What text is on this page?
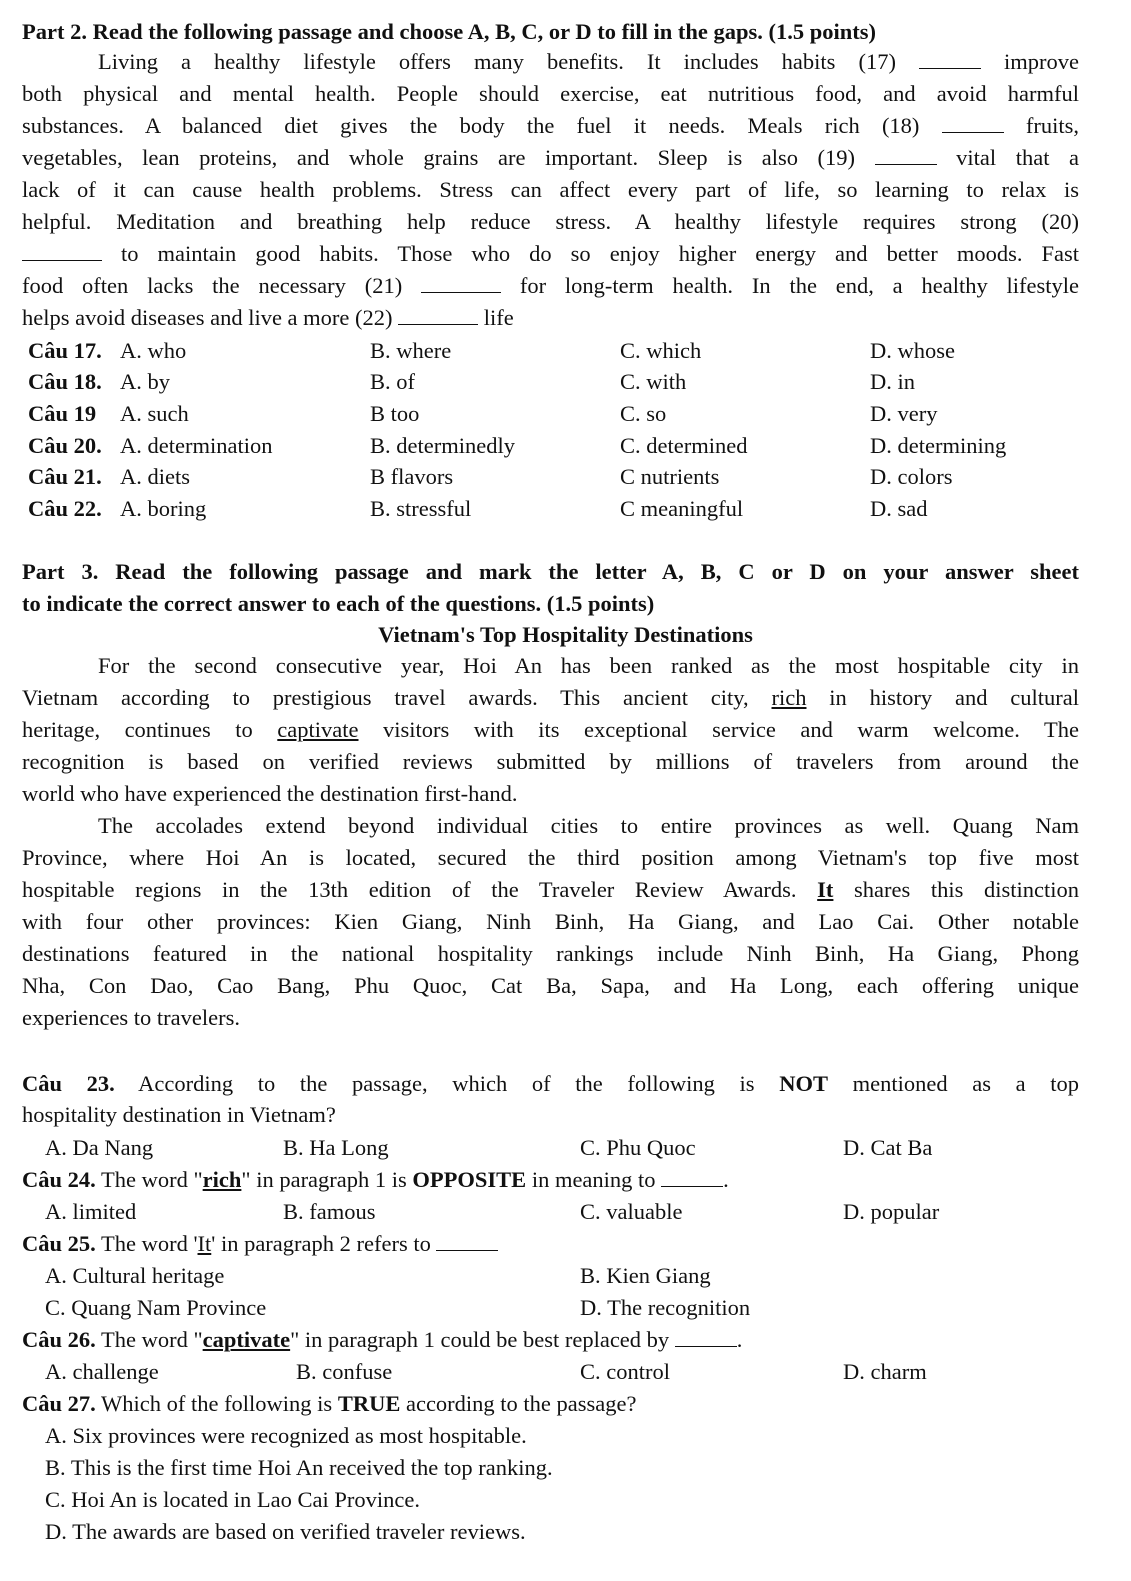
Part 2. Read the following passage and choose A, B, C, or D to fill in the gaps. (1.5 points)
Living a healthy lifestyle offers many benefits. It includes habits (17)	improve
both physical and mental health. People should exercise, eat nutritious food, and avoid harmful
substances. A balanced diet gives the body the fuel it needs. Meals rich (18)	fruits,
vegetables, lean proteins, and whole grains are important. Sleep is also (19)	vital that a
lack of it can cause health problems. Stress can affect every part of life, so learning to relax is
helpful. Meditation and breathing help reduce stress. A healthy lifestyle requires strong (20)
to maintain good habits. Those who do so enjoy higher energy and better moods. Fast
food often lacks the necessary (21)	for long-term health. In the end, a healthy lifestyle
helps avoid diseases and live a more (22)	life
Câu 17. A. who	B. where	C. which	D. whose
Câu 18. A. by	B. of	C. with	D. in
Câu 19 A. such	B too	C. so	D. very
Câu 20. A. determination	B. determinedly	C. determined	D. determining
Câu 21. A. diets	B flavors	C nutrients	D. colors
Câu 22. A. boring	B. stressful	C meaningful	D. sad
Part 3. Read the following passage and mark the letter A, B, C or D on your answer sheet
to indicate the correct answer to each of the questions. (1.5 points)
Vietnam's Top Hospitality Destinations
For the second consecutive year, Hoi An has been ranked as the most hospitable city in
Vietnam according to prestigious travel awards. This ancient city, rich in history and cultural
heritage, continues to captivate visitors with its exceptional service and warm welcome. The
recognition is based on verified reviews submitted by millions of travelers from around the
world who have experienced the destination first-hand.
The accolades extend beyond individual cities to entire provinces as well. Quang Nam
Province, where Hoi An is located, secured the third position among Vietnam's top five most
hospitable regions in the 13th edition of the Traveler Review Awards. It shares this distinction
with four other provinces: Kien Giang, Ninh Binh, Ha Giang, and Lao Cai. Other notable
destinations featured in the national hospitality rankings include Ninh Binh, Ha Giang, Phong
Nha, Con Dao, Cao Bang, Phu Quoc, Cat Ba, Sapa, and Ha Long, each offering unique
experiences to travelers.
Câu 23. According to the passage, which of the following is NOT mentioned as a top
hospitality destination in Vietnam?
A. Da Nang	B. Ha Long	C. Phu Quoc	D. Cat Ba
Câu 24. The word "rich" in paragraph 1 is OPPOSITE in meaning to	.
A. limited	B. famous	C. valuable	D. popular
Câu 25. The word 'It' in paragraph 2 refers to
A. Cultural heritage	B. Kien Giang
C. Quang Nam Province	D. The recognition
Câu 26. The word "captivate" in paragraph 1 could be best replaced by	.
A. challenge	B. confuse	C. control	D. charm
Câu 27. Which of the following is TRUE according to the passage?
A. Six provinces were recognized as most hospitable.
B. This is the first time Hoi An received the top ranking.
C. Hoi An is located in Lao Cai Province.
D. The awards are based on verified traveler reviews.
